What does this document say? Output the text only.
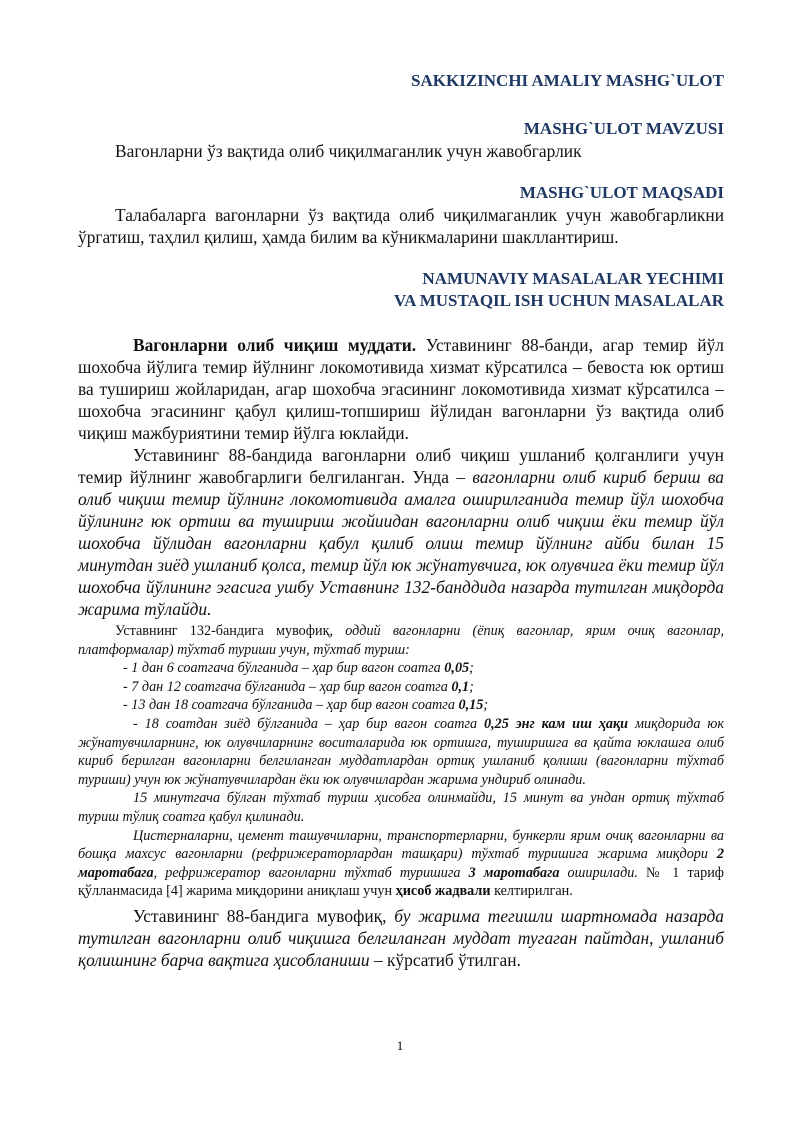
SAKKIZINCHI AMALIY MASHG`ULOT

MASHG`ULOT MAVZUSI

Вагонларни ўз вақтида олиб чиқилмаганлик учун жавобгарлик

MASHG`ULOT MAQSADI

Талабаларга вагонларни ўз вақтида олиб чиқилмаганлик учун жавобгарликни ўргатиш, таҳлил қилиш, ҳамда билим ва кўникмаларини шакллантириш.

NAMUNAVIY MASALALAR YECHIMI

VA MUSTAQIL ISH UCHUN MASALALAR

Вагонларни олиб чиқиш муддати. Уставининг 88-банди, агар темир йўл шохобча йўлига темир йўлнинг локомотивида хизмат кўрсатилса – бевоста юк ортиш ва тушириш жойларидан, агар шохобча эгасининг локомотивида хизмат кўрсатилса – шохобча эгасининг қабул қилиш-топшириш йўлидан вагонларни ўз вақтида олиб чиқиш мажбуриятини темир йўлга юклайди.

Уставининг 88-бандида вагонларни олиб чиқиш ушланиб қолганлиги учун темир йўлнинг жавобгарлиги белгиланган. Унда – вагонларни олиб кириб бериш ва олиб чиқиш темир йўлнинг локомотивида амалга оширилганида темир йўл шохобча йўлининг юк ортиш ва тушириш жойиидан вагонларни олиб чиқиш ёки темир йўл шохобча йўлидан вагонларни қабул қилиб олиш темир йўлнинг айби билан 15 минутдан зиёд ушланиб қолса, темир йўл юк жўнатувчига, юк олувчига ёки темир йўл шохобча йўлининг эгасига ушбу Уставнинг 132-банддида назарда тутилган миқдорда жарима тўлайди.

Уставнинг 132-бандига мувофиқ, оддий вагонларни (ёпиқ вагонлар, ярим очиқ вагонлар, платформалар) тўхтаб туриши учун, тўхтаб туриш:

- 1 дан 6 соатгача бўлганида – ҳар бир вагон соатга 0,05;

- 7 дан 12 соатгача бўлганида – ҳар бир вагон соатга 0,1;

- 13 дан 18 соатгача бўлганида – ҳар бир вагон соатга 0,15;

- 18 соатдан зиёд бўлганида – ҳар бир вагон соатга 0,25 энг кам иш ҳақи миқдорида юк жўнатувчиларнинг, юк олувчиларнинг воситаларида юк ортишга, туширишга ва қайта юклашга олиб кириб берилган вагонларни белгиланган муддатлардан ортиқ ушланиб қолиши (вагонларни тўхтаб туриши) учун юк жўнатувчилардан ёки юк олувчилардан жарима ундириб олинади.

15 минутгача бўлган тўхтаб туриш ҳисобга олинмайди, 15 минут ва ундан ортиқ тўхтаб туриш тўлиқ соатга қабул қилинади.

Цистерналарни, цемент ташувчиларни, транспортерларни, бункерли ярим очиқ вагонларни ва бошқа махсус вагонларни (рефрижераторлардан ташқари) тўхтаб туришига жарима миқдори 2 маротабага, рефрижератор вагонларни тўхтаб туришига 3 маротабага оширилади. № 1 тариф қўлланмасида [4] жарима миқдорини аниқлаш учун ҳисоб жадвали келтирилган.

Уставининг 88-бандига мувофиқ, бу жарима тегишли шартномада назарда тутилган вагонларни олиб чиқишга белгиланган муддат тугаган пайтдан, ушланиб қолишнинг барча вақтига ҳисобланиши – кўрсатиб ўтилган.

1
